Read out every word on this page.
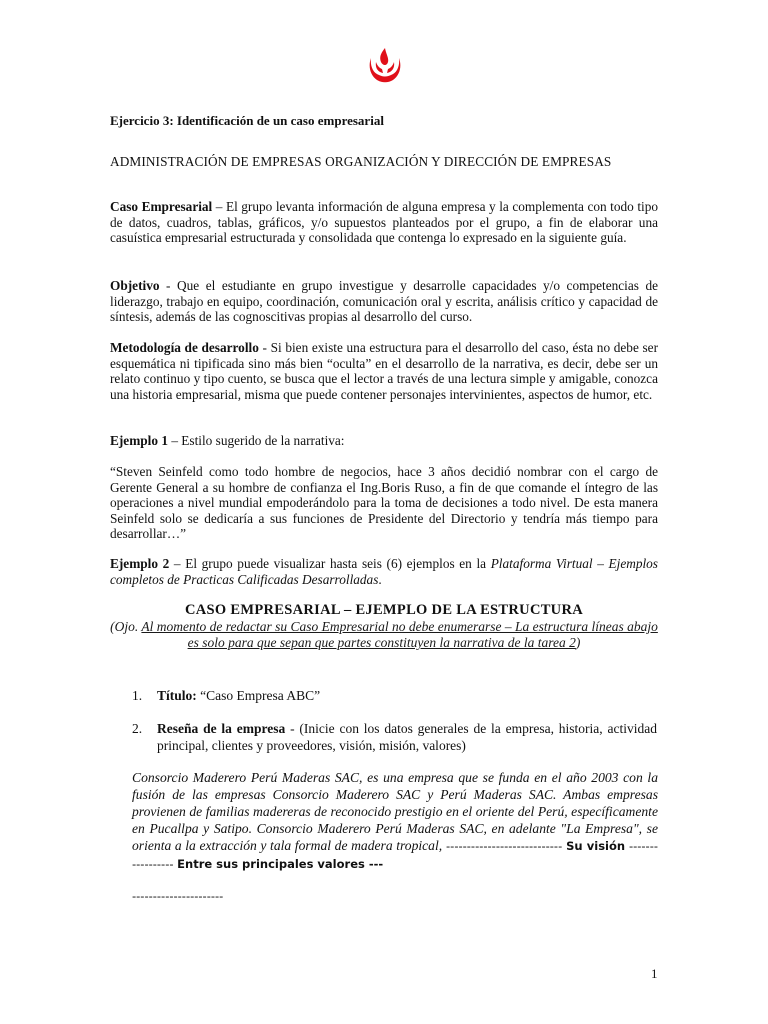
Ejercicio 3: Identificación de un caso empresarial
ADMINISTRACIÓN DE EMPRESAS ORGANIZACIÓN Y DIRECCIÓN DE EMPRESAS
Caso Empresarial – El grupo levanta información de alguna empresa y la complementa con todo tipo de datos, cuadros, tablas, gráficos, y/o supuestos planteados por el grupo, a fin de elaborar una casuística empresarial estructurada y consolidada que contenga lo expresado en la siguiente guía.
Objetivo - Que el estudiante en grupo investigue y desarrolle capacidades y/o competencias de liderazgo, trabajo en equipo, coordinación, comunicación oral y escrita, análisis crítico y capacidad de síntesis, además de las cognoscitivas propias al desarrollo del curso.
Metodología de desarrollo - Si bien existe una estructura para el desarrollo del caso, ésta no debe ser esquemática ni tipificada sino más bien “oculta” en el desarrollo de la narrativa, es decir, debe ser un relato continuo y tipo cuento, se busca que el lector a través de una lectura simple y amigable, conozca una historia empresarial, misma que puede contener personajes intervinientes, aspectos de humor, etc.
Ejemplo 1 – Estilo sugerido de la narrativa:
“Steven Seinfeld como todo hombre de negocios, hace 3 años decidió nombrar con el cargo de Gerente General a su hombre de confianza el Ing.Boris Ruso, a fin de que comande el íntegro de las operaciones a nivel mundial empoderándolo para la toma de decisiones a todo nivel. De esta manera Seinfeld solo se dedicaría a sus funciones de Presidente del Directorio y tendría más tiempo para desarrollar…”
Ejemplo 2 – El grupo puede visualizar hasta seis (6) ejemplos en la Plataforma Virtual – Ejemplos completos de Practicas Calificadas Desarrolladas.
CASO EMPRESARIAL – EJEMPLO DE LA ESTRUCTURA
(Ojo. Al momento de redactar su Caso Empresarial no debe enumerarse – La estructura líneas abajo es solo para que sepan que partes constituyen la narrativa de la tarea 2)
1. Título: “Caso Empresa ABC”
2. Reseña de la empresa - (Inicie con los datos generales de la empresa, historia, actividad principal, clientes y proveedores, visión, misión, valores)
Consorcio Maderero Perú Maderas SAC, es una empresa que se funda en el año 2003 con la fusión de las empresas Consorcio Maderero SAC y Perú Maderas SAC. Ambas empresas provienen de familias madereras de reconocido prestigio en el oriente del Perú, específicamente en Pucallpa y Satipo. Consorcio Maderero Perú Maderas SAC, en adelante "La Empresa", se orienta a la extracción y tala formal de madera tropical, ---------------------------- Su visión ----------------- Entre sus principales valores ---
----------------------
1
